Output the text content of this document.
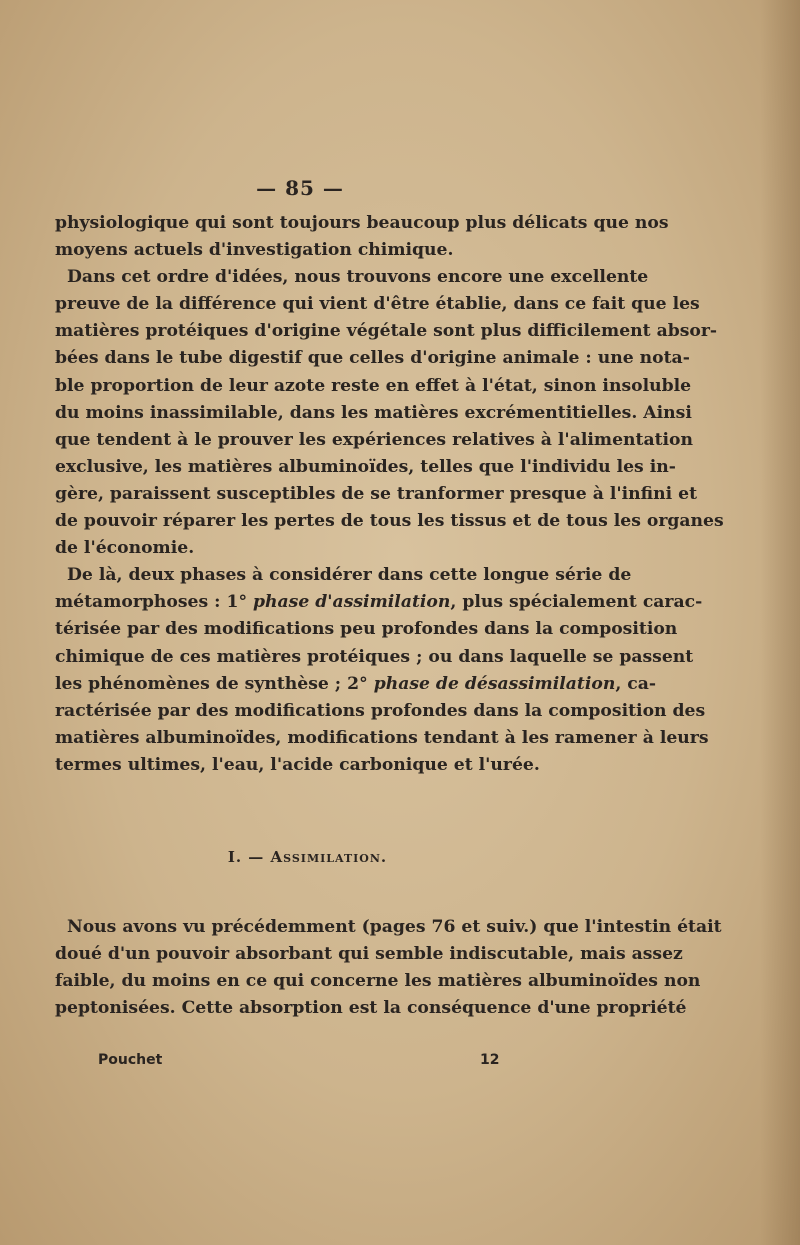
— 85 —
physiologique qui sont toujours beaucoup plus délicats que nos
moyens actuels d'investigation chimique.
Dans cet ordre d'idées, nous trouvons encore une excellente
preuve de la différence qui vient d'être établie, dans ce fait que les
matières protéiques d'origine végétale sont plus difficilement absor-
bées dans le tube digestif que celles d'origine animale : une nota-
ble proportion de leur azote reste en effet à l'état, sinon insoluble
du moins inassimilable, dans les matières excrémentitielles. Ainsi
que tendent à le prouver les expériences relatives à l'alimentation
exclusive, les matières albuminoïdes, telles que l'individu les in-
gère, paraissent susceptibles de se tranformer presque à l'infini et
de pouvoir réparer les pertes de tous les tissus et de tous les organes
de l'économie.
De là, deux phases à considérer dans cette longue série de
métamorphoses : 1° phase d'assimilation, plus spécialement carac-
térisée par des modifications peu profondes dans la composition
chimique de ces matières protéiques ; ou dans laquelle se passent
les phénomènes de synthèse ; 2° phase de désassimilation, ca-
ractérisée par des modifications profondes dans la composition des
matières albuminoïdes, modifications tendant à les ramener à leurs
termes ultimes, l'eau, l'acide carbonique et l'urée.
I. — Assimilation.
Nous avons vu précédemment (pages 76 et suiv.) que l'intestin était
doué d'un pouvoir absorbant qui semble indiscutable, mais assez
faible, du moins en ce qui concerne les matières albuminoïdes non
peptonisées. Cette absorption est la conséquence d'une propriété
Pouchet	12
